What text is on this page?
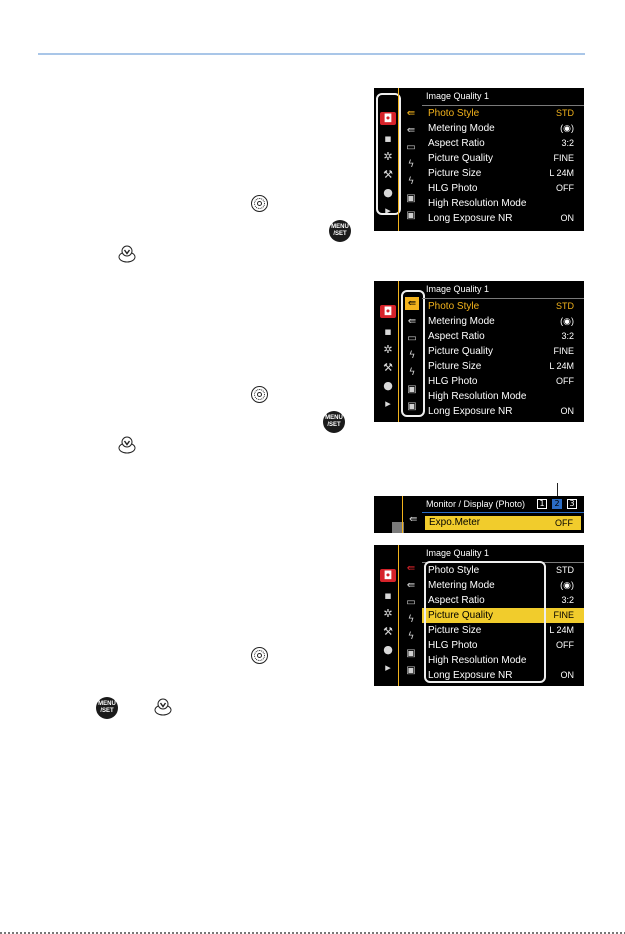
MENU /SET
MENU /SET
MENU /SET
◘
▪
✲
⚒
●
▸
⇚
⇚
▭
ϟ
ϟ
▣
▣
Image Quality 1
Photo Style	STD
Metering Mode	(◉)
Aspect Ratio	3:2
Picture Quality	FINE
Picture Size	L 24M
HLG Photo	OFF
High Resolution Mode
Long Exposure NR	ON
◘
▪
✲
⚒
●
▸
⇚
⇚
▭
ϟ
ϟ
▣
▣
Image Quality 1
Photo Style	STD
Metering Mode	(◉)
Aspect Ratio	3:2
Picture Quality	FINE
Picture Size	L 24M
HLG Photo	OFF
High Resolution Mode
Long Exposure NR	ON
⇚
Monitor / Display (Photo)	1	2	3
Expo.Meter	OFF
◘
▪
✲
⚒
●
▸
⇚
⇚
▭
ϟ
ϟ
▣
▣
Image Quality 1
Photo Style	STD
Metering Mode	(◉)
Aspect Ratio	3:2
Picture Quality	FINE
Picture Size	L 24M
HLG Photo	OFF
High Resolution Mode
Long Exposure NR	ON
